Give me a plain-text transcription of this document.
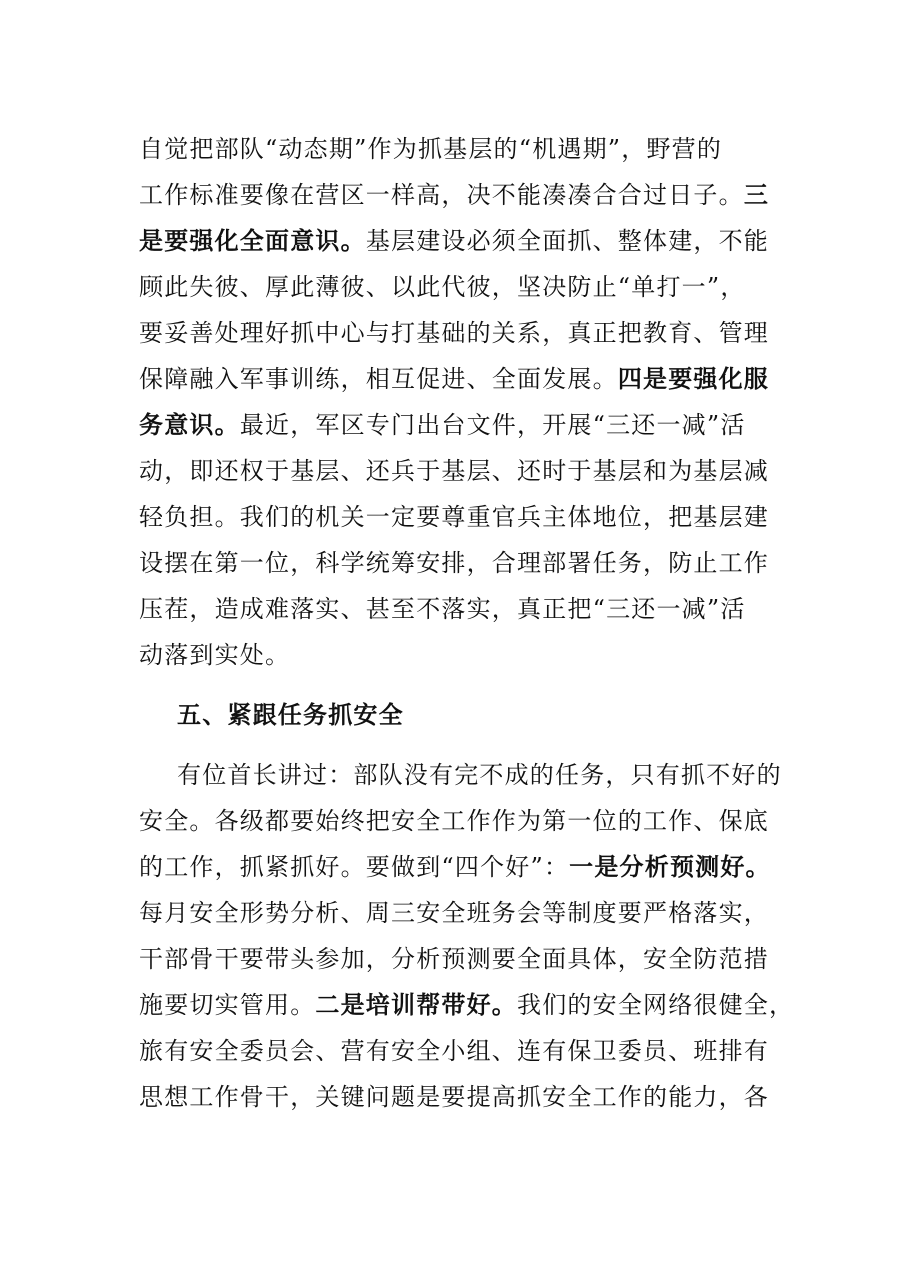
自觉把部队“动态期”作为抓基层的“机遇期”，野营的
工作标准要像在营区一样高，决不能凑凑合合过日子。三
是要强化全面意识。基层建设必须全面抓、整体建，不能
顾此失彼、厚此薄彼、以此代彼，坚决防止“单打一”，
要妥善处理好抓中心与打基础的关系，真正把教育、管理
保障融入军事训练，相互促进、全面发展。四是要强化服
务意识。最近，军区专门出台文件，开展“三还一减”活
动，即还权于基层、还兵于基层、还时于基层和为基层减
轻负担。我们的机关一定要尊重官兵主体地位，把基层建
设摆在第一位，科学统筹安排，合理部署任务，防止工作
压茬，造成难落实、甚至不落实，真正把“三还一减”活
动落到实处。
五、紧跟任务抓安全
有位首长讲过：部队没有完不成的任务，只有抓不好的
安全。各级都要始终把安全工作作为第一位的工作、保底
的工作，抓紧抓好。要做到“四个好”：一是分析预测好。
每月安全形势分析、周三安全班务会等制度要严格落实，
干部骨干要带头参加，分析预测要全面具体，安全防范措
施要切实管用。二是培训帮带好。我们的安全网络很健全，
旅有安全委员会、营有安全小组、连有保卫委员、班排有
思想工作骨干，关键问题是要提高抓安全工作的能力，各
